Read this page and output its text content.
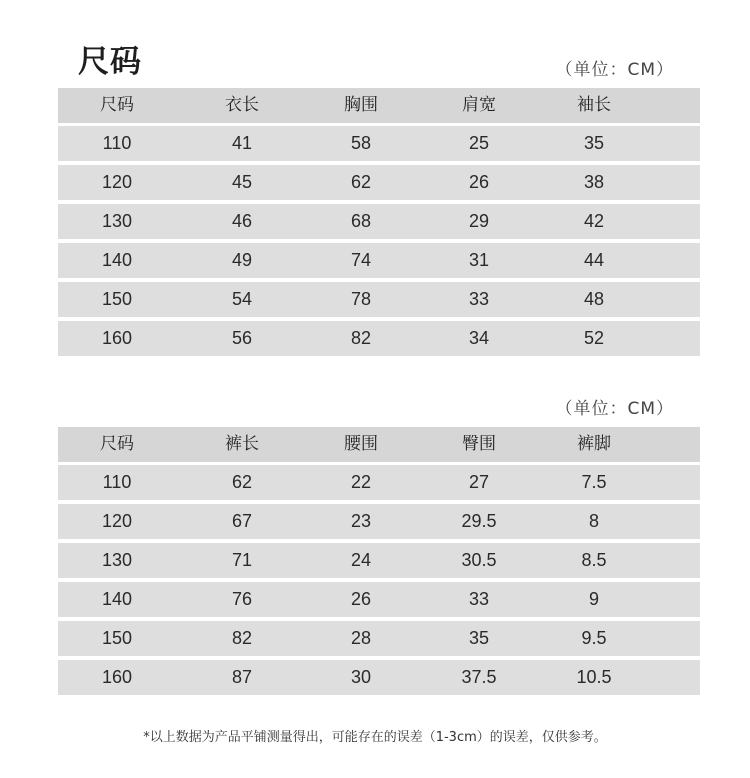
尺码	（单位：CM）
尺码	衣长	胸围	肩宽	袖长
110	41	58	25	35
120	45	62	26	38
130	46	68	29	42
140	49	74	31	44
150	54	78	33	48
160	56	82	34	52
（单位：CM）
尺码	裤长	腰围	臀围	裤脚
110	62	22	27	7.5
120	67	23	29.5	8
130	71	24	30.5	8.5
140	76	26	33	9
150	82	28	35	9.5
160	87	30	37.5	10.5
*以上数据为产品平铺测量得出，可能存在的误差（1-3cm）的误差，仅供参考。
